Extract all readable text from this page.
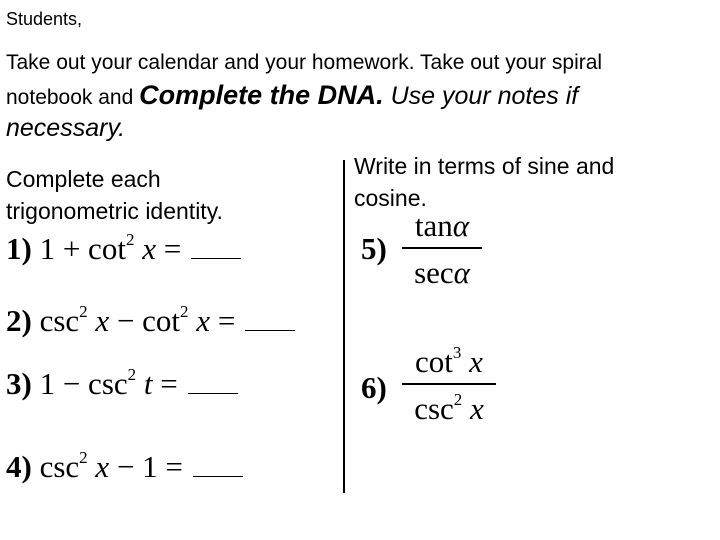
Students,
Take out your calendar and your homework. Take out your spiral
notebook and Complete the DNA. Use your notes if
necessary.
Complete each
trigonometric identity.
Write in terms of sine and
cosine.
1) $1 + \cot^2 x$ =
2) $\csc^2 x - \cot^2 x$ =
3) $1 - \csc^2 t$ =
4) $\csc^2 x - 1$ =
5)
tanα
secα
6)
$\cot^3 x$
$\csc^2 x$
